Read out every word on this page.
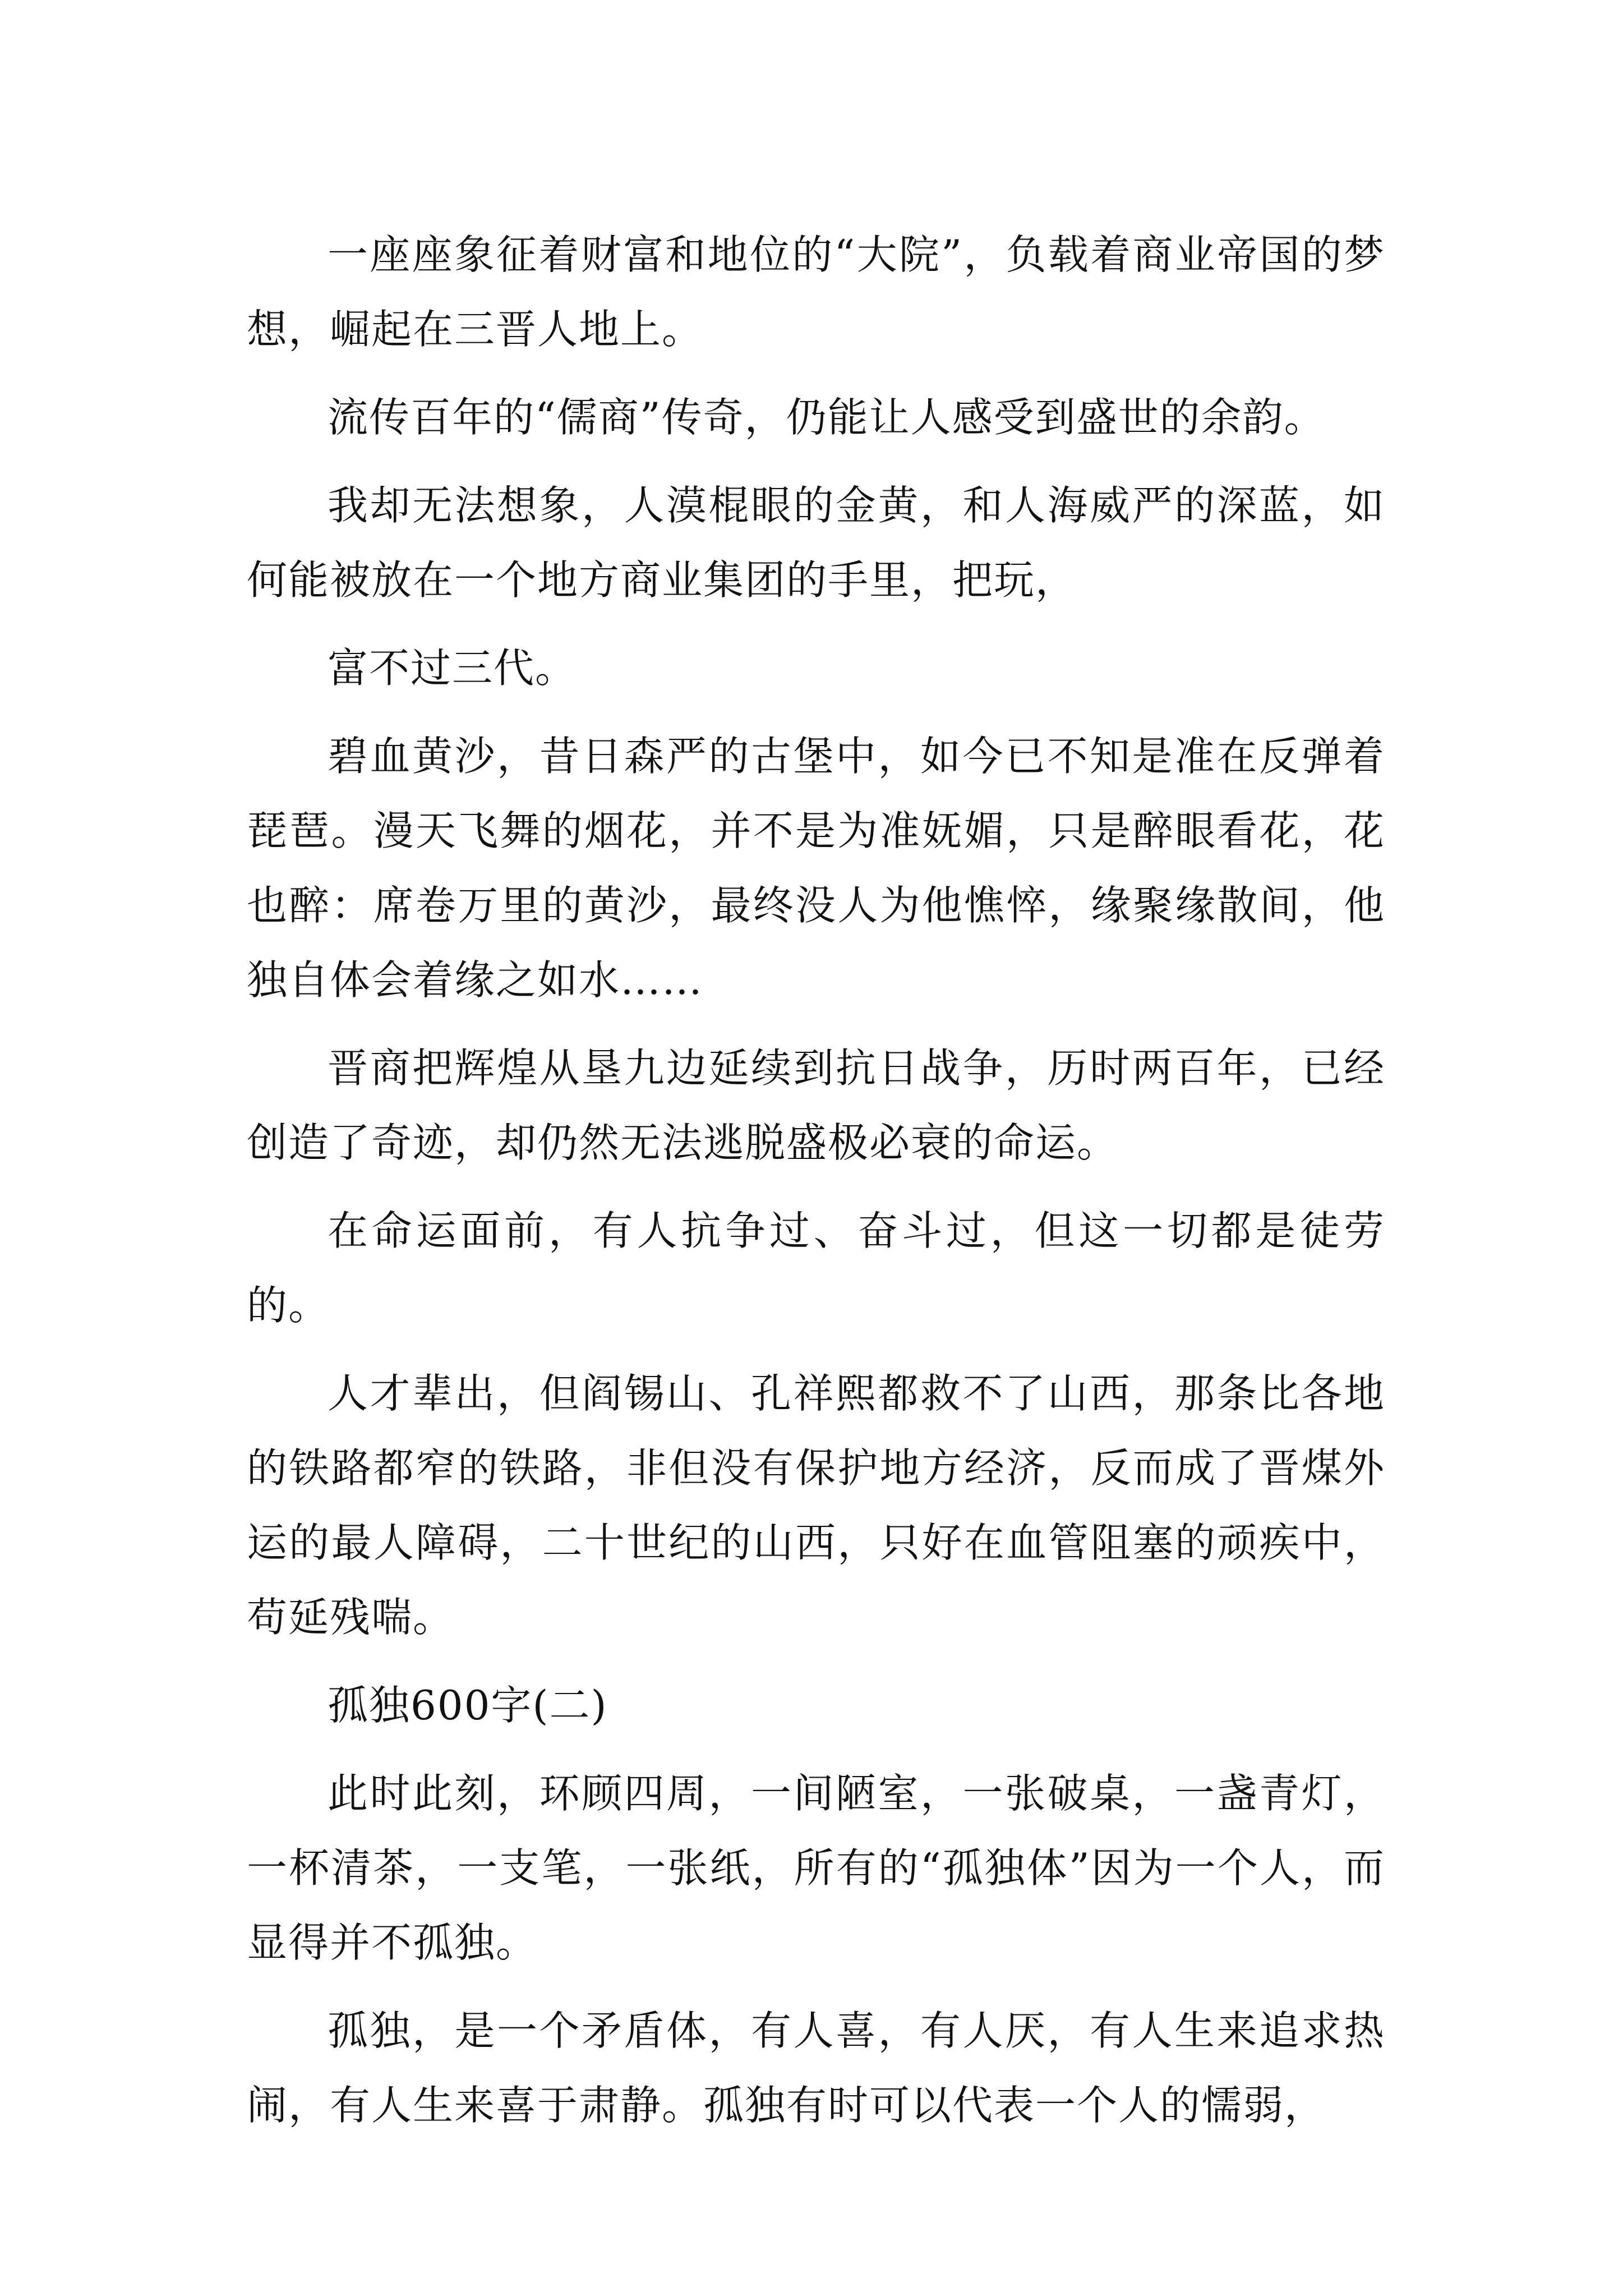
一座座象征着财富和地位的“大院”，负载着商业帝国的梦想，崛起在三晋人地上。

流传百年的“儒商”传奇，仍能让人感受到盛世的余韵。

我却无法想象，人漠棍眼的金黄，和人海威严的深蓝，如何能被放在一个地方商业集团的手里，把玩，

富不过三代。

碧血黄沙，昔日森严的古堡中，如今已不知是准在反弹着琵琶。漫天飞舞的烟花，并不是为准妩媚，只是醉眼看花，花也醉：席卷万里的黄沙，最终没人为他憔悴，缘聚缘散间，他独自体会着缘之如水……

晋商把辉煌从垦九边延续到抗日战争，历时两百年，已经创造了奇迹，却仍然无法逃脱盛极必衰的命运。

在命运面前，有人抗争过、奋斗过，但这一切都是徒劳的。

人才辈出，但阎锡山、孔祥熙都救不了山西，那条比各地的铁路都窄的铁路，非但没有保护地方经济，反而成了晋煤外运的最人障碍，二十世纪的山西，只好在血管阻塞的顽疾中，苟延残喘。

孤独600字(二)

此时此刻，环顾四周，一间陋室，一张破桌，一盏青灯，一杯清茶，一支笔，一张纸，所有的“孤独体”因为一个人，而显得并不孤独。

孤独，是一个矛盾体，有人喜，有人厌，有人生来追求热闹，有人生来喜于肃静。孤独有时可以代表一个人的懦弱，
